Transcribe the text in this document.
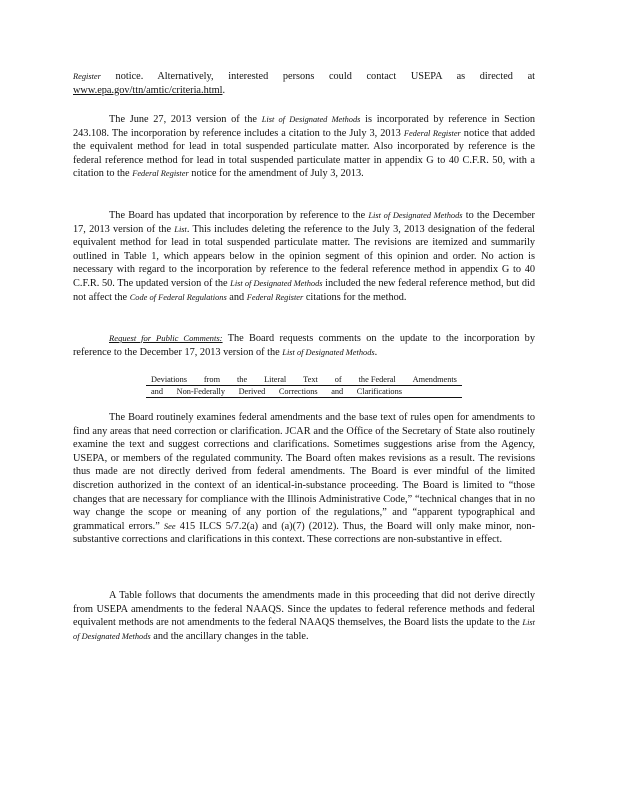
Register notice. Alternatively, interested persons could contact USEPA as directed at www.epa.gov/ttn/amtic/criteria.html.

The June 27, 2013 version of the List of Designated Methods is incorporated by reference in Section 243.108. The incorporation by reference includes a citation to the July 3, 2013 Federal Register notice that added the equivalent method for lead in total suspended particulate matter. Also incorporated by reference is the federal reference method for lead in total suspended particulate matter in appendix G to 40 C.F.R. 50, with a citation to the Federal Register notice for the amendment of July 3, 2013.

The Board has updated that incorporation by reference to the List of Designated Methods to the December 17, 2013 version of the List. This includes deleting the reference to the July 3, 2013 designation of the federal equivalent method for lead in total suspended particulate matter. The revisions are itemized and summarily outlined in Table 1, which appears below in the opinion segment of this opinion and order. No action is necessary with regard to the incorporation by reference to the federal reference method in appendix G to 40 C.F.R. 50. The updated version of the List of Designated Methods included the new federal reference method, but did not affect the Code of Federal Regulations and Federal Register citations for the method.

Request for Public Comments: The Board requests comments on the update to the incorporation by reference to the December 17, 2013 version of the List of Designated Methods.

Deviations from the Literal Text of the Federal Amendments
and Non-Federally Derived Corrections and Clarifications

The Board routinely examines federal amendments and the base text of rules open for amendments to find any areas that need correction or clarification. JCAR and the Office of the Secretary of State also routinely examine the text and suggest corrections and clarifications. Sometimes suggestions arise from the Agency, USEPA, or members of the regulated community. The Board often makes revisions as a result. The revisions thus made are not directly derived from federal amendments. The Board is ever mindful of the limited discretion authorized in the context of an identical-in-substance proceeding. The Board is limited to “those changes that are necessary for compliance with the Illinois Administrative Code,” “technical changes that in no way change the scope or meaning of any portion of the regulations,” and “apparent typographical and grammatical errors.” See 415 ILCS 5/7.2(a) and (a)(7) (2012). Thus, the Board will only make minor, non-substantive corrections and clarifications in this context. These corrections are non-substantive in effect.

A Table follows that documents the amendments made in this proceeding that did not derive directly from USEPA amendments to the federal NAAQS. Since the updates to federal reference methods and federal equivalent methods are not amendments to the federal NAAQS themselves, the Board lists the update to the List of Designated Methods and the ancillary changes in the table.
